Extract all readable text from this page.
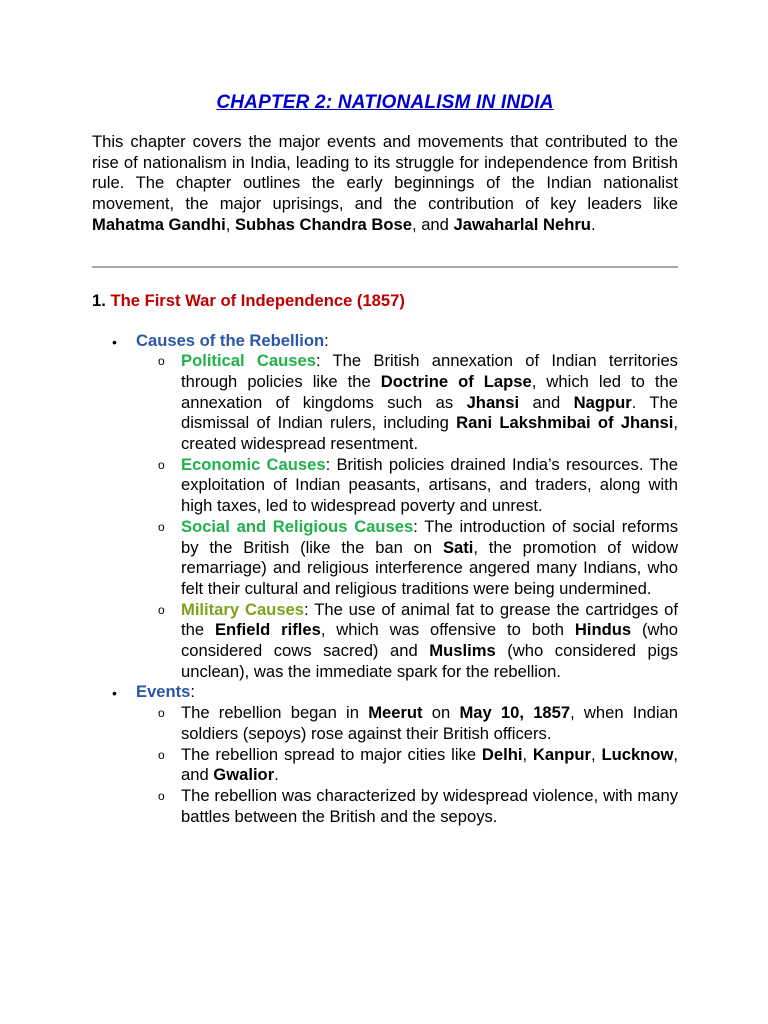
CHAPTER 2: NATIONALISM IN INDIA

This chapter covers the major events and movements that contributed to the rise of nationalism in India, leading to its struggle for independence from British rule. The chapter outlines the early beginnings of the Indian nationalist movement, the major uprisings, and the contribution of key leaders like Mahatma Gandhi, Subhas Chandra Bose, and Jawaharlal Nehru.

1. The First War of Independence (1857)
• Causes of the Rebellion:
o Political Causes: The British annexation of Indian territories through policies like the Doctrine of Lapse, which led to the annexation of kingdoms such as Jhansi and Nagpur. The dismissal of Indian rulers, including Rani Lakshmibai of Jhansi, created widespread resentment.
o Economic Causes: British policies drained India’s resources. The exploitation of Indian peasants, artisans, and traders, along with high taxes, led to widespread poverty and unrest.
o Social and Religious Causes: The introduction of social reforms by the British (like the ban on Sati, the promotion of widow remarriage) and religious interference angered many Indians, who felt their cultural and religious traditions were being undermined.
o Military Causes: The use of animal fat to grease the cartridges of the Enfield rifles, which was offensive to both Hindus (who considered cows sacred) and Muslims (who considered pigs unclean), was the immediate spark for the rebellion.
• Events:
o The rebellion began in Meerut on May 10, 1857, when Indian soldiers (sepoys) rose against their British officers.
o The rebellion spread to major cities like Delhi, Kanpur, Lucknow, and Gwalior.
o The rebellion was characterized by widespread violence, with many battles between the British and the sepoys.
